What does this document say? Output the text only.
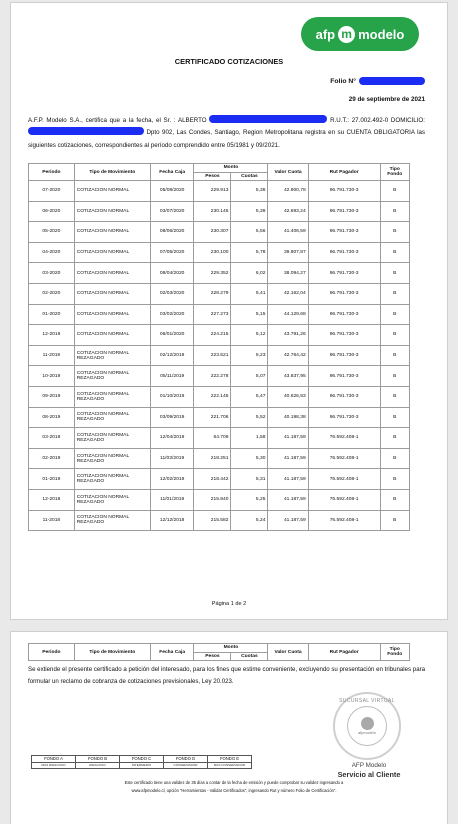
afp m modelo
CERTIFICADO COTIZACIONES
Folio N°
29 de septiembre de 2021
A.F.P. Modelo S.A., certifica que a la fecha, el Sr. : ALBERTO	R.U.T.: 27.002.492-0 DOMICILIO:  Dpto 902, Las Condes, Santiago, Region Metropolitana registra en su CUENTA OBLIGATORIA las siguientes cotizaciones, correspondientes al período comprendido entre 05/1981 y 09/2021.
Periodo	Tipo de Movimiento	Fecha Caja	Monto		Valor Cuota	Rut Pagador	Tipo Fondo
			Pesos	Cuotas			
07-2020	COTIZACION NORMAL	05/08/2020	229.913	5,36	42.900,78	96.791.730-3	B
06-2020	COTIZACION NORMAL	03/07/2020	230.145	5,39	42.693,24	96.791.730-3	B
05-2020	COTIZACION NORMAL	08/06/2020	230.307	5,56	41.406,59	96.791.730-3	B
04-2020	COTIZACION NORMAL	07/05/2020	230.100	5,78	39.807,87	96.791.730-3	B
03-2020	COTIZACION NORMAL	08/04/2020	229.352	6,02	38.094,27	96.791.730-3	B
02-2020	COTIZACION NORMAL	02/03/2020	228.279	5,41	42.162,04	96.791.730-3	B
01-2020	COTIZACION NORMAL	03/02/2020	227.273	5,15	44.129,68	96.791.730-3	B
12-2019	COTIZACION NORMAL	06/01/2020	224.215	5,12	43.791,26	96.791.730-3	B
11-2019	COTIZACION NORMAL REZAGADO	02/12/2019	223.521	5,23	42.764,42	96.791.730-3	B
10-2019	COTIZACION NORMAL REZAGADO	05/11/2019	222.278	5,07	43.837,95	96.791.730-3	B
09-2019	COTIZACION NORMAL REZAGADO	01/10/2019	222.145	5,47	40.626,93	96.791.730-3	B
08-2019	COTIZACION NORMAL REZAGADO	03/09/2019	221.706	5,52	40.198,38	96.791.730-3	B
03-2019	COTIZACION NORMAL REZAGADO	12/04/2019	64.709	1,58	41.187,59	76.592.408-1	B
02-2019	COTIZACION NORMAL REZAGADO	11/03/2019	218.251	5,30	41.187,59	76.592.408-1	B
01-2019	COTIZACION NORMAL REZAGADO	12/02/2019	218.442	5,31	41.187,59	76.592.408-1	B
12-2018	COTIZACION NORMAL REZAGADO	11/01/2019	215.840	5,25	41.187,59	76.592.408-1	B
11-2018	COTIZACION NORMAL REZAGADO	12/12/2018	215.582	5,24	41.187,59	76.592.408-1	B
Página 1 de 2
Periodo	Tipo de Movimiento	Fecha Caja	Monto		Valor Cuota	Rut Pagador	Tipo Fondo
			Pesos	Cuotas			
Se extiende el presente certificado a petición del interesado, para los fines que estime conveniente, excluyendo su presentación en tribunales para formular un reclamo de cobranza de cotizaciones previsionales, Ley 20.023.
SUCURSAL VIRTUAL
afpmodelo
AFP Modelo
Servicio al Cliente
FONDO A	FONDO B	FONDO C	FONDO D	FONDO E
MAS RIESGOSO	RIESGOSO	INTERMEDIO	CONSERVADOR	MAS CONSERVADOR
Este certificado tiene una validez de 35 días a contar de la fecha de emisión y puede comprobar su validez ingresando a
www.afpmodelo.cl, opción "Herramientas - Validar Certificados", ingresando Rut y número Folio de Certificación".
